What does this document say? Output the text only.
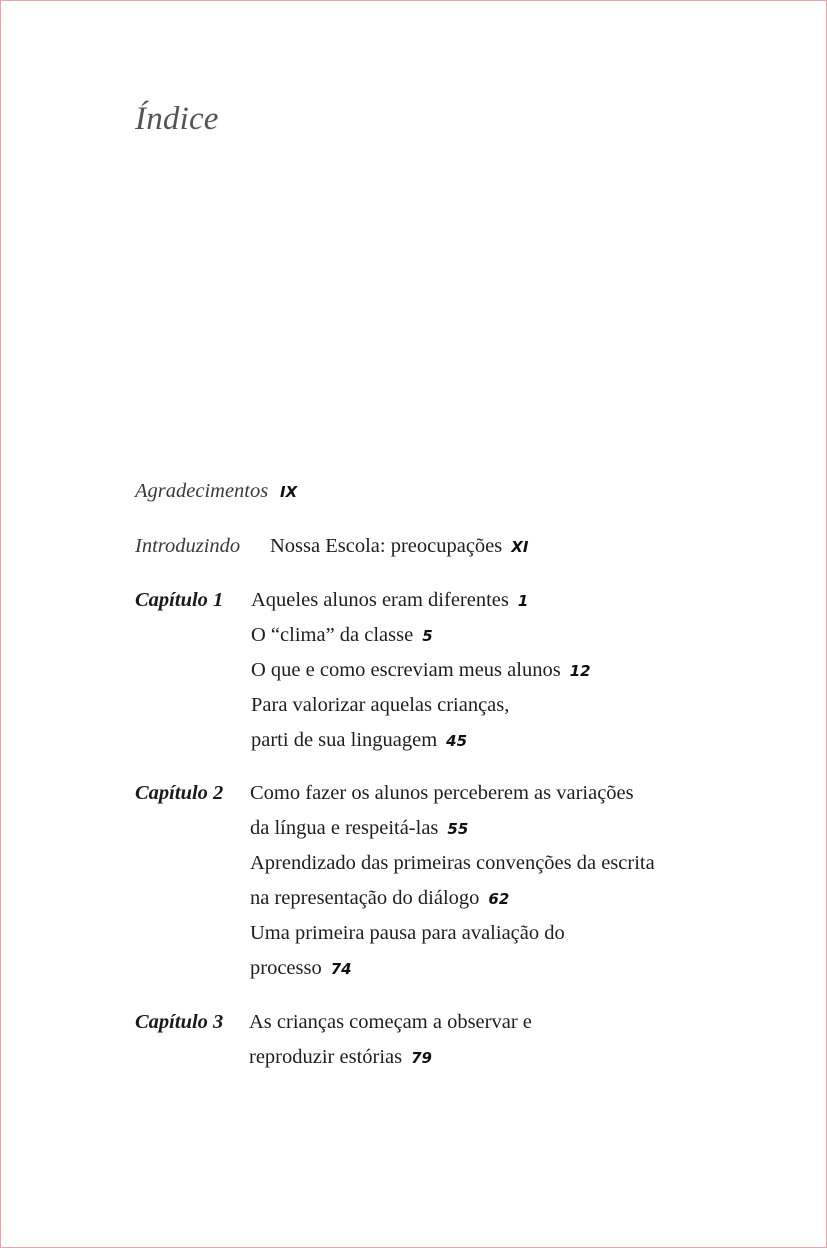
Índice
Agradecimentos IX
Introduzindo Nossa Escola: preocupações XI
Capítulo 1 Aqueles alunos eram diferentes 1
O “clima” da classe 5
O que e como escreviam meus alunos 12
Para valorizar aquelas crianças,
parti de sua linguagem 45
Capítulo 2 Como fazer os alunos perceberem as variações
da língua e respeitá-las 55
Aprendizado das primeiras convenções da escrita
na representação do diálogo 62
Uma primeira pausa para avaliação do
processo 74
Capítulo 3 As crianças começam a observar e
reproduzir estórias 79
